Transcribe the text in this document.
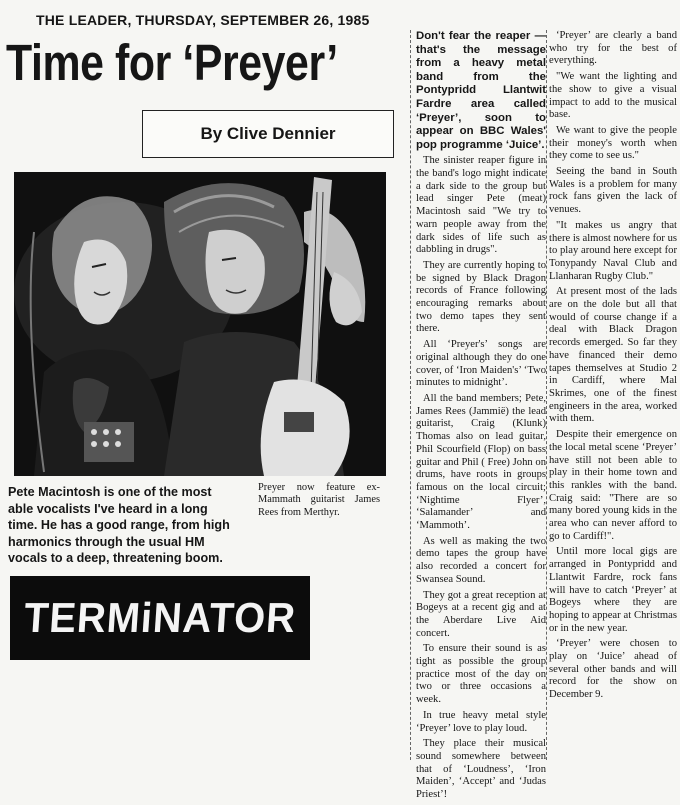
THE LEADER, THURSDAY, SEPTEMBER 26, 1985
Time for ‘Preyer’
By Clive Dennier
Pete Macintosh is one of the most able vocalists I've heard in a long time. He has a good range, from high harmonics through the usual HM vocals to a deep, threatening boom.
Preyer now feature ex-Mammath guitarist James Rees from Merthyr.
TERMiNATOR

Don't fear the reaper — that's the message from a heavy metal band from the Pontypridd Llantwit Fardre area called ‘Preyer’, soon to appear on BBC Wales' pop programme ‘Juice’.

The sinister reaper figure in the band's logo might indicate a dark side to the group but lead singer Pete (meat) Macintosh said "We try to warn people away from the dark sides of life such as dabbling in drugs".

They are currently hoping to be signed by Black Dragon records of France following encouraging remarks about two demo tapes they sent there.

All ‘Preyer's’ songs are original although they do one cover, of ‘Iron Maiden's’ ‘Two minutes to midnight’.

All the band members; Pete, James Rees (Jammië) the lead guitarist, Craig (Klunk) Thomas also on lead guitar, Phil Scourfield (Flop) on bass guitar and Phil ( Free) John on drums, have roots in groups famous on the local circuit; ‘Nightime Flyer’, ‘Salamander’ and ‘Mammoth’.

As well as making the two demo tapes the group have also recorded a concert for Swansea Sound.

They got a great reception at Bogeys at a recent gig and at the Aberdare Live Aid concert.

To ensure their sound is as tight as possible the group practice most of the day on two or three occasions a week.

In true heavy metal style ‘Preyer’ love to play loud.

They place their musical sound somewhere between that of ‘Loudness’, ‘Iron Maiden’, ‘Accept’ and ‘Judas Priest’!

‘Preyer’ are clearly a band who try for the best of everything.

"We want the lighting and the show to give a visual impact to add to the musical base.

We want to give the people their money's worth when they come to see us."

Seeing the band in South Wales is a problem for many rock fans given the lack of venues.

"It makes us angry that there is almost nowhere for us to play around here except for Tonypandy Naval Club and Llanharan Rugby Club."

At present most of the lads are on the dole but all that would of course change if a deal with Black Dragon records emerged. So far they have financed their demo tapes themselves at Studio 2 in Cardiff, where Mal Skrimes, one of the finest engineers in the area, worked with them.

Despite their emergence on the local metal scene ‘Preyer’ have still not been able to play in their home town and this rankles with the band. Craig said: "There are so many bored young kids in the area who can never afford to go to Cardiff!".

Until more local gigs are arranged in Pontypridd and Llantwit Fardre, rock fans will have to catch ‘Preyer’ at Bogeys where they are hoping to appear at Christmas or in the new year.

‘Preyer’ were chosen to play on ‘Juice’ ahead of several other bands and will record for the show on December 9.
